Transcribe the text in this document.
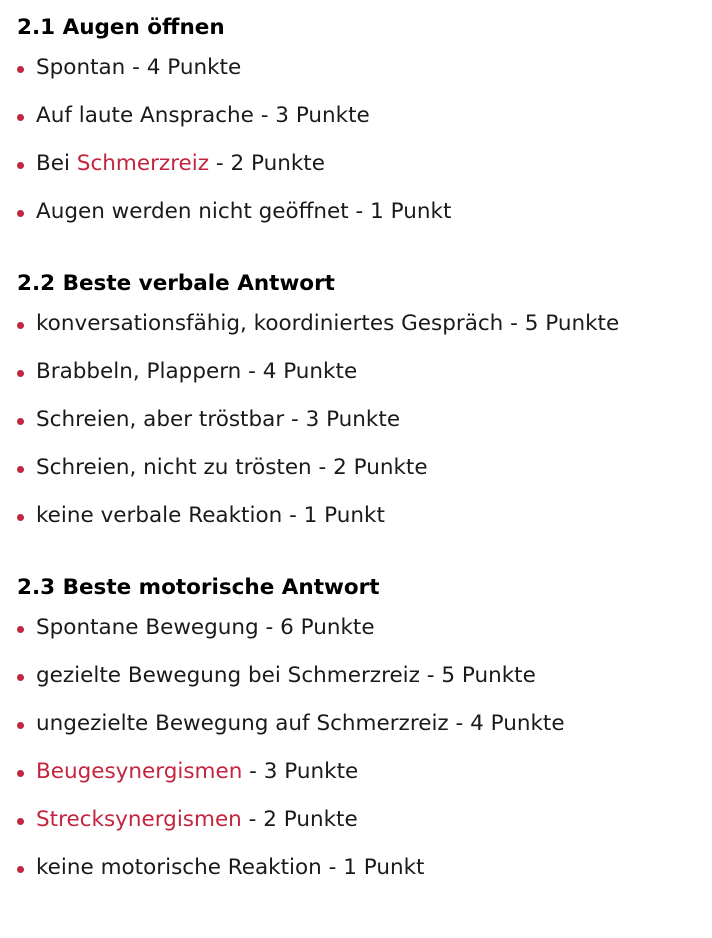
2.1 Augen öffnen
Spontan - 4 Punkte
Auf laute Ansprache - 3 Punkte
Bei Schmerzreiz - 2 Punkte
Augen werden nicht geöffnet - 1 Punkt
2.2 Beste verbale Antwort
konversationsfähig, koordiniertes Gespräch - 5 Punkte
Brabbeln, Plappern - 4 Punkte
Schreien, aber tröstbar - 3 Punkte
Schreien, nicht zu trösten - 2 Punkte
keine verbale Reaktion - 1 Punkt
2.3 Beste motorische Antwort
Spontane Bewegung - 6 Punkte
gezielte Bewegung bei Schmerzreiz - 5 Punkte
ungezielte Bewegung auf Schmerzreiz - 4 Punkte
Beugesynergismen - 3 Punkte
Strecksynergismen - 2 Punkte
keine motorische Reaktion - 1 Punkt
